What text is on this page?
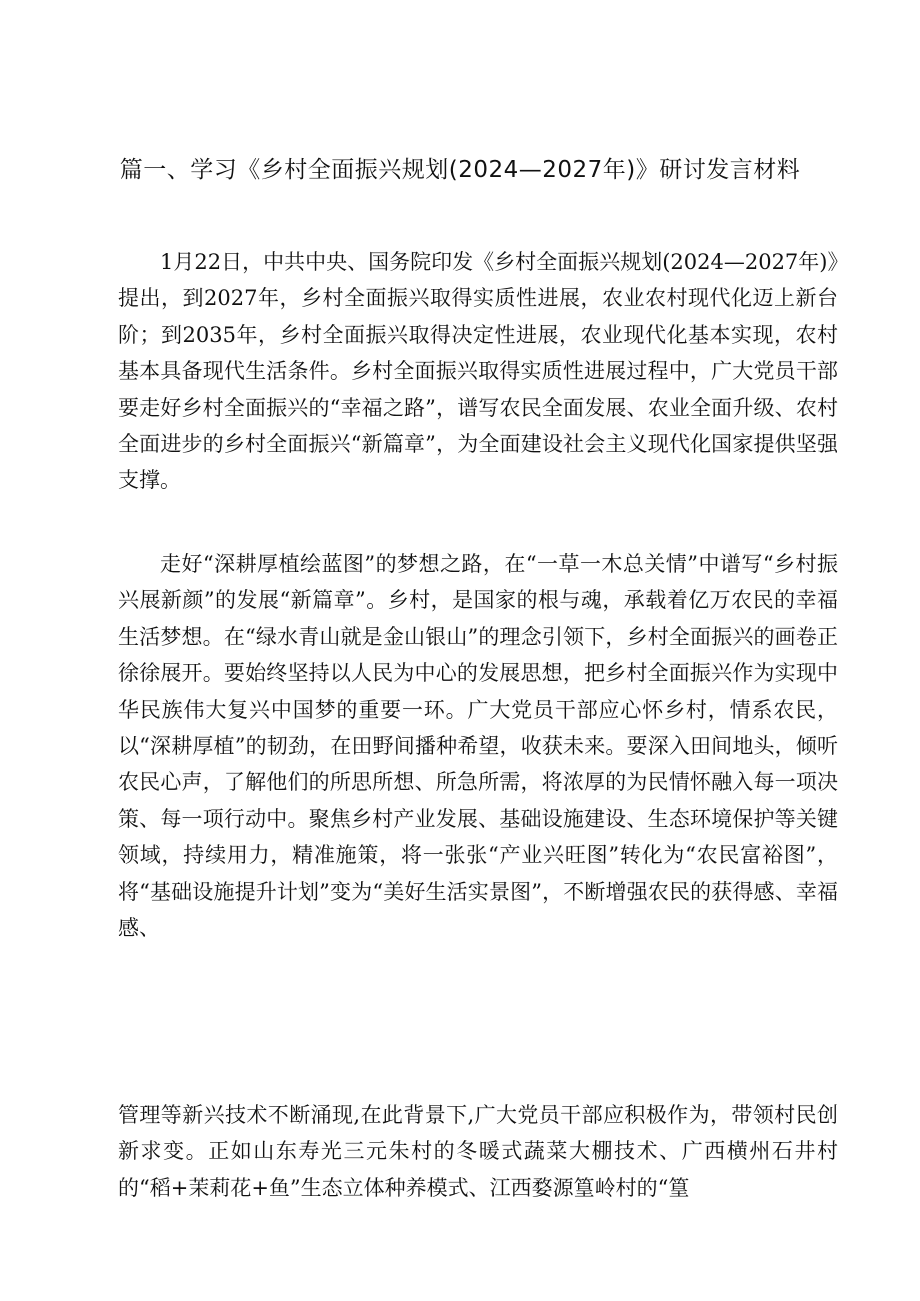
篇一、学习《乡村全面振兴规划(2024—2027年)》研讨发言材料

1月22日，中共中央、国务院印发《乡村全面振兴规划(2024—2027年)》提出，到2027年，乡村全面振兴取得实质性进展，农业农村现代化迈上新台阶；到2035年，乡村全面振兴取得决定性进展，农业现代化基本实现，农村基本具备现代生活条件。乡村全面振兴取得实质性进展过程中，广大党员干部要走好乡村全面振兴的“幸福之路”，谱写农民全面发展、农业全面升级、农村全面进步的乡村全面振兴“新篇章”，为全面建设社会主义现代化国家提供坚强支撑。

走好“深耕厚植绘蓝图”的梦想之路，在“一草一木总关情”中谱写“乡村振兴展新颜”的发展“新篇章”。乡村，是国家的根与魂，承载着亿万农民的幸福生活梦想。在“绿水青山就是金山银山”的理念引领下，乡村全面振兴的画卷正徐徐展开。要始终坚持以人民为中心的发展思想，把乡村全面振兴作为实现中华民族伟大复兴中国梦的重要一环。广大党员干部应心怀乡村，情系农民，以“深耕厚植”的韧劲，在田野间播种希望，收获未来。要深入田间地头，倾听农民心声，了解他们的所思所想、所急所需，将浓厚的为民情怀融入每一项决策、每一项行动中。聚焦乡村产业发展、基础设施建设、生态环境保护等关键领域，持续用力，精准施策，将一张张“产业兴旺图”转化为“农民富裕图”，将“基础设施提升计划”变为“美好生活实景图”，不断增强农民的获得感、幸福感、

管理等新兴技术不断涌现,在此背景下,广大党员干部应积极作为，带领村民创新求变。正如山东寿光三元朱村的冬暖式蔬菜大棚技术、广西横州石井村的“稻+茉莉花+鱼”生态立体种养模式、江西婺源篁岭村的“篁
